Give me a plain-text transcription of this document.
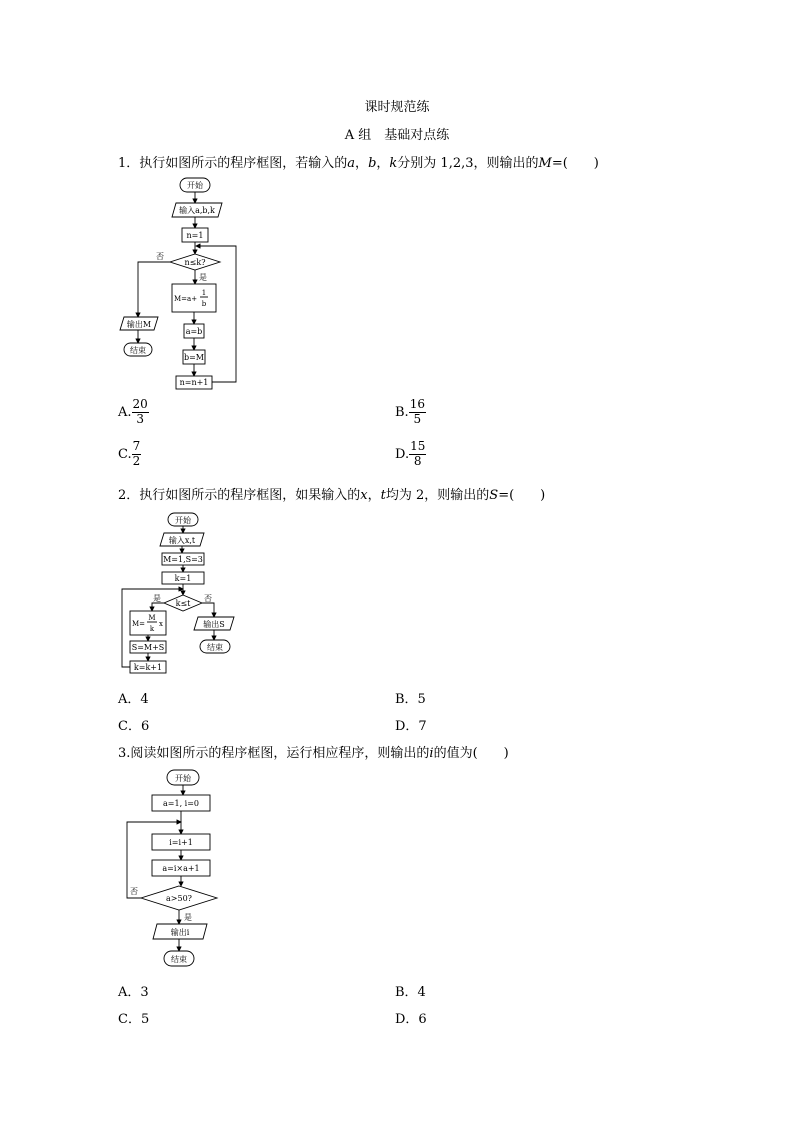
课时规范练
A 组　基础对点练
1．执行如图所示的程序框图，若输入的a，b，k分别为 1,2,3，则输出的M=(　　)
开始
输入a,b,k
n=1
n≤k?
是
M=a+
1
b
a=b
b=M
n=n+1
否
输出M
结束
A. $\frac{20}{3}$	B. $\frac{16}{5}$
C. $\frac{7}{2}$	D. $\frac{15}{8}$
2．执行如图所示的程序框图，如果输入的x，t均为 2，则输出的S=(　　)
开始
输入x,t
M=1,S=3
k=1
k≤t
是
M=
M
k
x
S=M+S
k=k+1
否
输出S
结束
A．4	B．5
C．6	D．7
3.阅读如图所示的程序框图，运行相应程序，则输出的i的值为(　　)
开始
a=1, i=0
i=i+1
a=i×a+1
a>50?
否
是
输出i
结束
A．3	B．4
C．5	D．6
